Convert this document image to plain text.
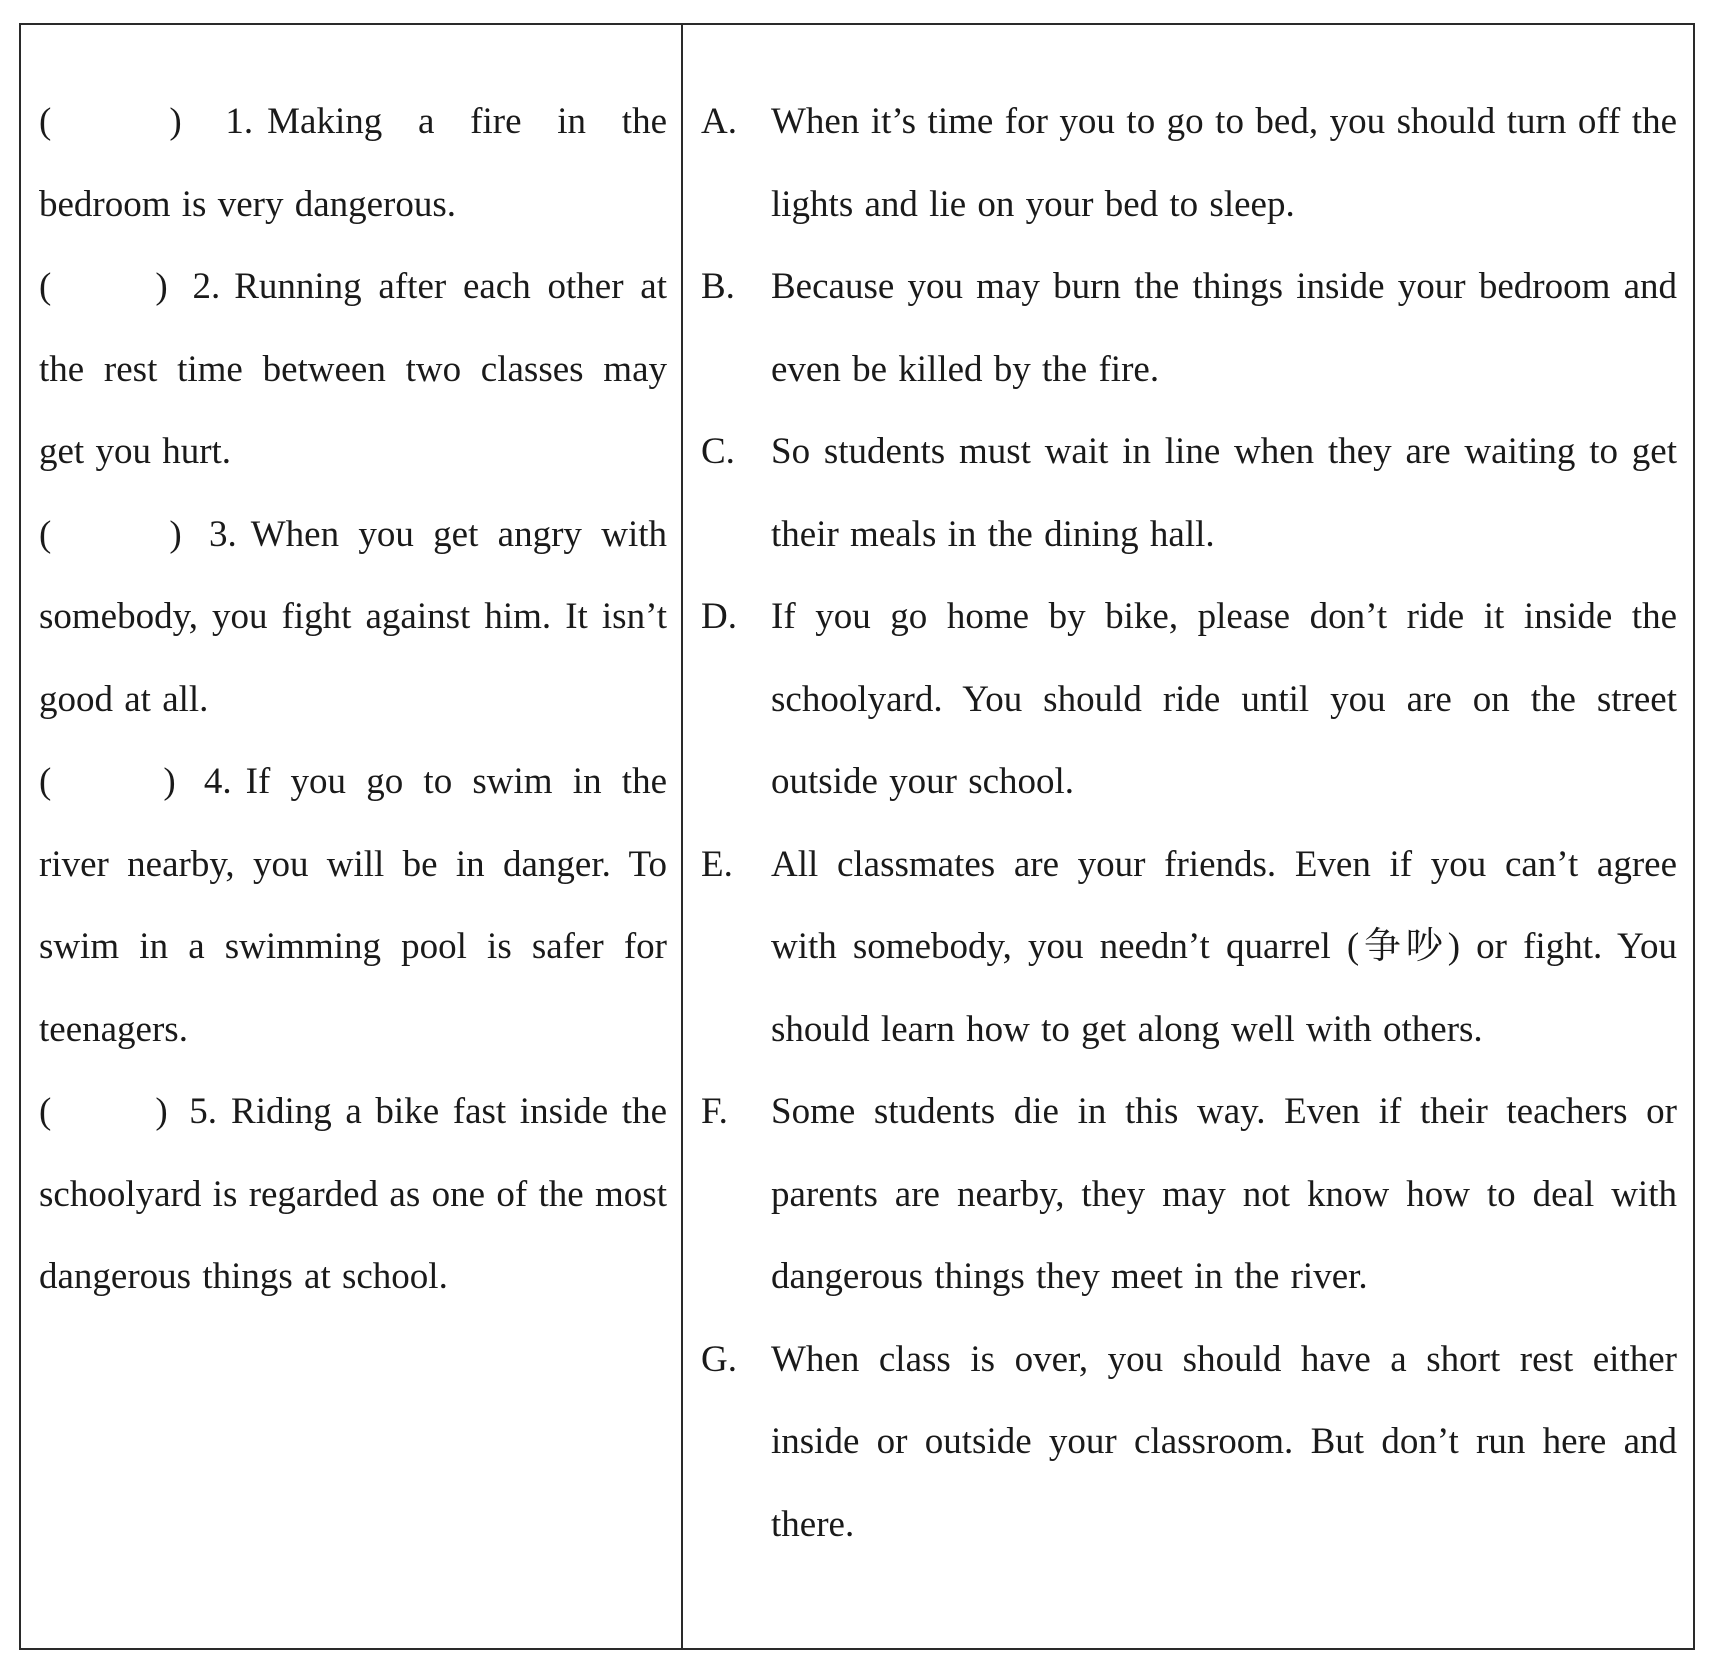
(	) 1. Making a fire in the bedroom is very dangerous.

(	) 2. Running after each other at the rest time between two classes may get you hurt.

(	) 3. When you get angry with somebody, you fight against him. It isn’t good at all.

(	) 4. If you go to swim in the river nearby, you will be in danger. To swim in a swimming pool is safer for teenagers.

(	) 5. Riding a bike fast inside the schoolyard is regarded as one of the most dangerous things at school.

A. When it’s time for you to go to bed, you should turn off the lights and lie on your bed to sleep.

B. Because you may burn the things inside your bedroom and even be killed by the fire.

C. So students must wait in line when they are waiting to get their meals in the dining hall.

D. If you go home by bike, please don’t ride it inside the schoolyard. You should ride until you are on the street outside your school.

E.	All classmates are your friends. Even if you can’t agree with somebody, you needn’t quarrel (争吵) or fight. You should learn how to get along well with others.

F.	Some students die in this way. Even if their teachers or parents are nearby, they may not know how to deal with dangerous things they meet in the river.

G. When class is over, you should have a short rest either inside or outside your classroom. But don’t run here and there.
